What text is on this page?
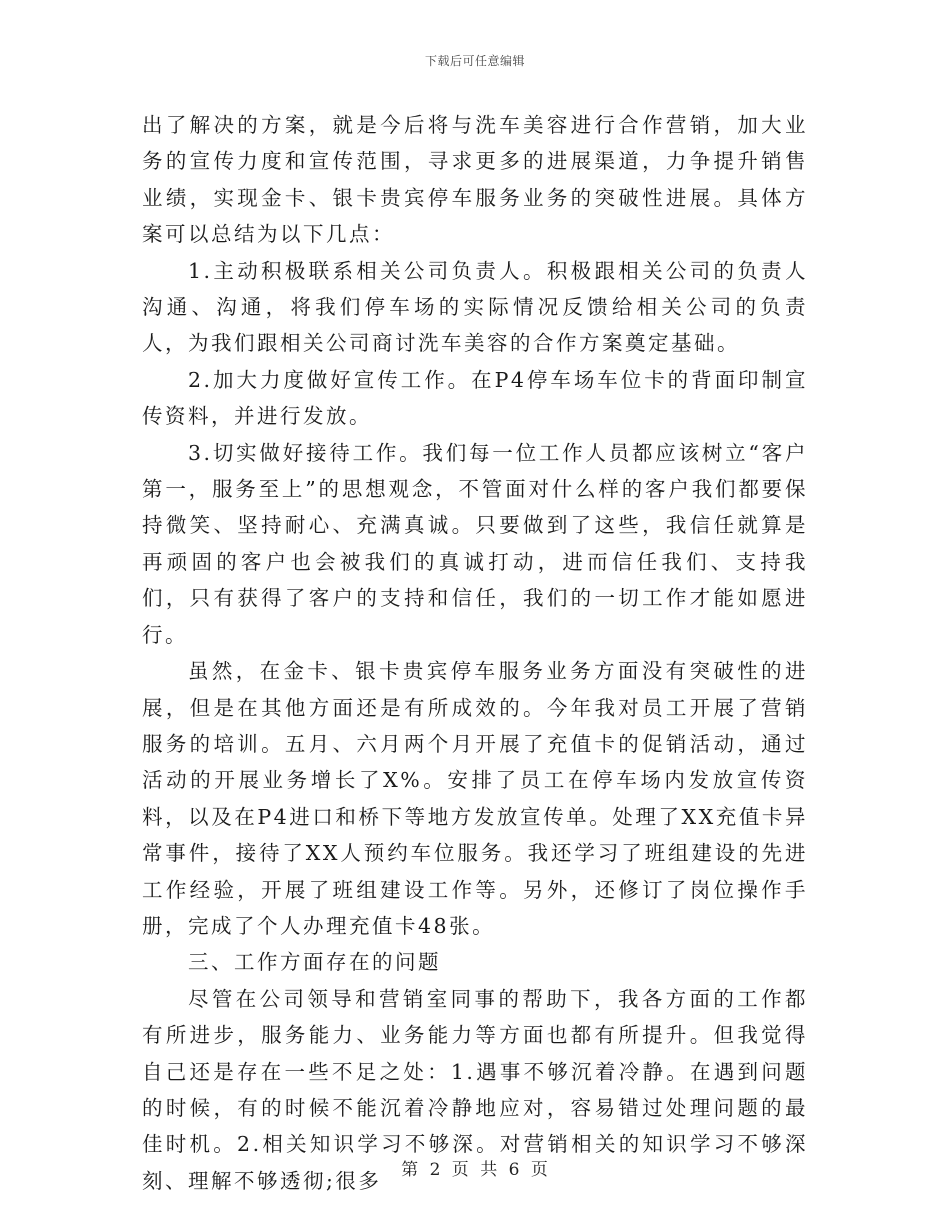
下载后可任意编辑

出了解决的方案，就是今后将与洗车美容进行合作营销，加大业务的宣传力度和宣传范围，寻求更多的进展渠道，力争提升销售业绩，实现金卡、银卡贵宾停车服务业务的突破性进展。具体方案可以总结为以下几点：

1.主动积极联系相关公司负责人。积极跟相关公司的负责人沟通、沟通，将我们停车场的实际情况反馈给相关公司的负责人，为我们跟相关公司商讨洗车美容的合作方案奠定基础。

2.加大力度做好宣传工作。在P4停车场车位卡的背面印制宣传资料，并进行发放。

3.切实做好接待工作。我们每一位工作人员都应该树立“客户第一，服务至上”的思想观念，不管面对什么样的客户我们都要保持微笑、坚持耐心、充满真诚。只要做到了这些，我信任就算是再顽固的客户也会被我们的真诚打动，进而信任我们、支持我们，只有获得了客户的支持和信任，我们的一切工作才能如愿进行。

虽然，在金卡、银卡贵宾停车服务业务方面没有突破性的进展，但是在其他方面还是有所成效的。今年我对员工开展了营销服务的培训。五月、六月两个月开展了充值卡的促销活动，通过活动的开展业务增长了X%。安排了员工在停车场内发放宣传资料，以及在P4进口和桥下等地方发放宣传单。处理了XX充值卡异常事件，接待了XX人预约车位服务。我还学习了班组建设的先进工作经验，开展了班组建设工作等。另外，还修订了岗位操作手册，完成了个人办理充值卡48张。

三、工作方面存在的问题

尽管在公司领导和营销室同事的帮助下，我各方面的工作都有所进步，服务能力、业务能力等方面也都有所提升。但我觉得自己还是存在一些不足之处：1.遇事不够沉着冷静。在遇到问题的时候，有的时候不能沉着冷静地应对，容易错过处理问题的最佳时机。2.相关知识学习不够深。对营销相关的知识学习不够深刻、理解不够透彻;很多	第 2 页 共 6 页
